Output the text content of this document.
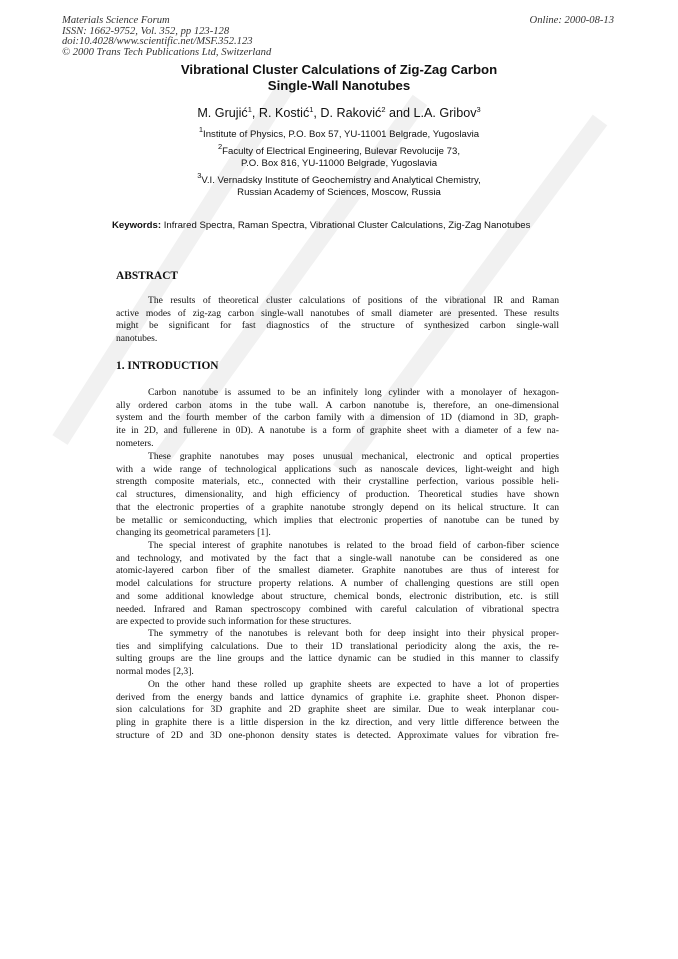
Materials Science Forum
ISSN: 1662-9752, Vol. 352, pp 123-128
doi:10.4028/www.scientific.net/MSF.352.123
© 2000 Trans Tech Publications Ltd, Switzerland
Online: 2000-08-13
Vibrational Cluster Calculations of Zig-Zag Carbon
Single-Wall Nanotubes
M. Grujić$^1$, R. Kostić$^1$, D. Raković$^2$ and L.A. Gribov$^3$
$^1$Institute of Physics, P.O. Box 57, YU-11001 Belgrade, Yugoslavia
$^2$Faculty of Electrical Engineering, Bulevar Revolucije 73,
P.O. Box 816, YU-11000 Belgrade, Yugoslavia
$^3$V.I. Vernadsky Institute of Geochemistry and Analytical Chemistry,
Russian Academy of Sciences, Moscow, Russia
Keywords: Infrared Spectra, Raman Spectra, Vibrational Cluster Calculations, Zig-Zag Nanotubes
ABSTRACT
The results of theoretical cluster calculations of positions of the vibrational IR and Raman
active modes of zig-zag carbon single-wall nanotubes of small diameter are presented. These results
might be significant for fast diagnostics of the structure of synthesized carbon single-wall
nanotubes.
1. INTRODUCTION
Carbon nanotube is assumed to be an infinitely long cylinder with a monolayer of hexagon-
ally ordered carbon atoms in the tube wall. A carbon nanotube is, therefore, an one-dimensional
system and the fourth member of the carbon family with a dimension of 1D (diamond in 3D, graph-
ite in 2D, and fullerene in 0D). A nanotube is a form of graphite sheet with a diameter of a few na-
nometers.
These graphite nanotubes may poses unusual mechanical, electronic and optical properties
with a wide range of technological applications such as nanoscale devices, light-weight and high
strength composite materials, etc., connected with their crystalline perfection, various possible heli-
cal structures, dimensionality, and high efficiency of production. Theoretical studies have shown
that the electronic properties of a graphite nanotube strongly depend on its helical structure. It can
be metallic or semiconducting, which implies that electronic properties of nanotube can be tuned by
changing its geometrical parameters [1].
The special interest of graphite nanotubes is related to the broad field of carbon-fiber science
and technology, and motivated by the fact that a single-wall nanotube can be considered as one
atomic-layered carbon fiber of the smallest diameter. Graphite nanotubes are thus of interest for
model calculations for structure property relations. A number of challenging questions are still open
and some additional knowledge about structure, chemical bonds, electronic distribution, etc. is still
needed. Infrared and Raman spectroscopy combined with careful calculation of vibrational spectra
are expected to provide such information for these structures.
The symmetry of the nanotubes is relevant both for deep insight into their physical proper-
ties and simplifying calculations. Due to their 1D translational periodicity along the axis, the re-
sulting groups are the line groups and the lattice dynamic can be studied in this manner to classify
normal modes [2,3].
On the other hand these rolled up graphite sheets are expected to have a lot of properties
derived from the energy bands and lattice dynamics of graphite i.e. graphite sheet. Phonon disper-
sion calculations for 3D graphite and 2D graphite sheet are similar. Due to weak interplanar cou-
pling in graphite there is a little dispersion in the kz direction, and very little difference between the
structure of 2D and 3D one-phonon density states is detected. Approximate values for vibration fre-
